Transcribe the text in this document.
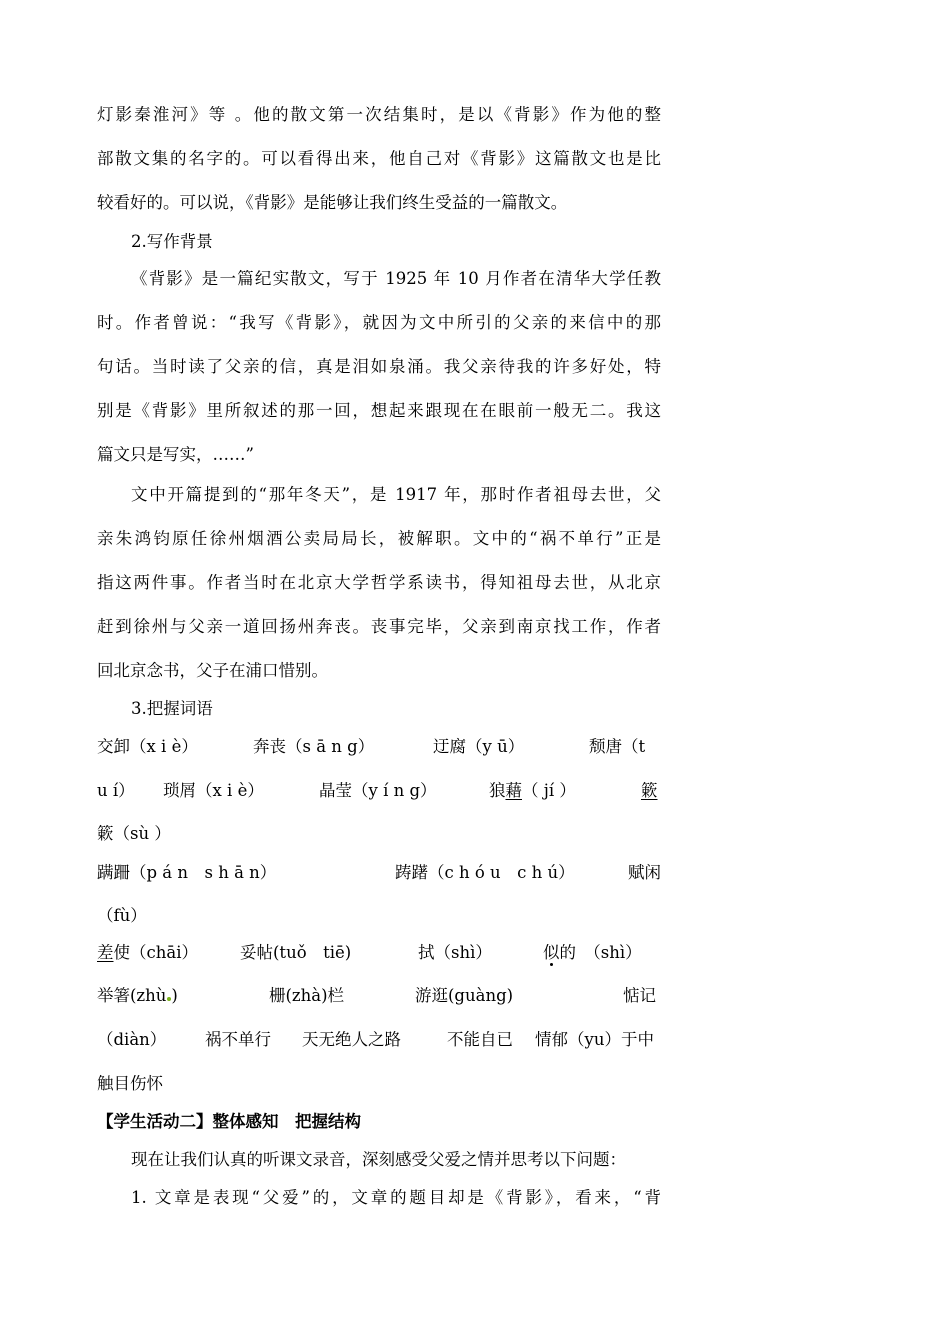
灯影秦淮河》等 。他的散文第一次结集时，是以《背影》作为他的整
部散文集的名字的。可以看得出来，他自己对《背影》这篇散文也是比
较看好的。可以说，《背影》是能够让我们终生受益的一篇散文。
2.写作背景
《背影》是一篇纪实散文，写于 1925 年 10 月作者在清华大学任教
时。作者曾说：“我写《背影》，就因为文中所引的父亲的来信中的那
句话。当时读了父亲的信，真是泪如泉涌。我父亲待我的许多好处，特
别是《背影》里所叙述的那一回，想起来跟现在在眼前一般无二。我这
篇文只是写实，……”
文中开篇提到的“那年冬天”，是 1917 年，那时作者祖母去世，父
亲朱鸿钧原任徐州烟酒公卖局局长，被解职。文中的“祸不单行”正是
指这两件事。作者当时在北京大学哲学系读书，得知祖母去世，从北京
赶到徐州与父亲一道回扬州奔丧。丧事完毕，父亲到南京找工作，作者
回北京念书，父子在浦口惜别。
3.把握词语
交卸（x i è）	奔丧（s ā n g）	迂腐（y ū）	颓唐（t
u í） 琐屑（x i è）	晶莹（y í n g）	狼藉（ jí ）	簌
簌（sù ）
蹒跚（p á n　s h ā n）	踌躇（c h ó u　c h ú）	赋闲
（fù）
差使（chāi）	妥帖(tuǒ　tiē)	拭（shì）	似的　（shì）
举箸(zhù )	栅(zhà)栏	游逛(guàng)	惦记
（diàn） 祸不单行 天无绝人之路	不能自已 情郁（yu）于中
触目伤怀
【学生活动二】整体感知　把握结构
现在让我们认真的听课文录音，深刻感受父爱之情并思考以下问题：
1. 文章是表现“父爱”的，文章的题目却是《背影》，看来，“背
